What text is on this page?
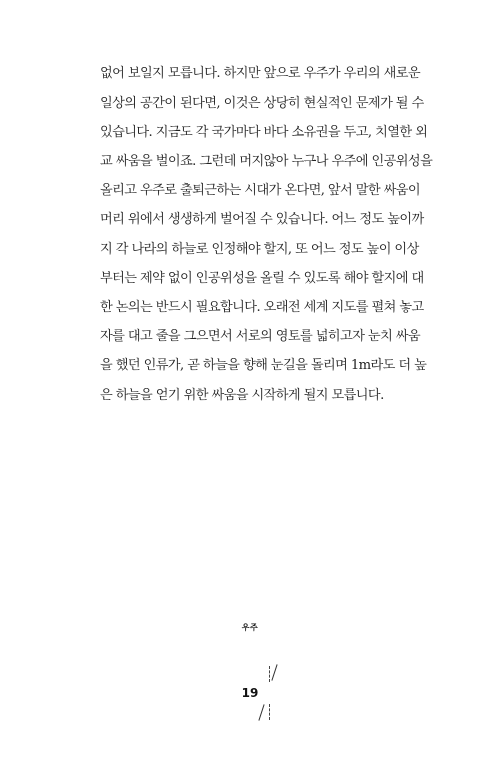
없어 보일지 모릅니다. 하지만 앞으로 우주가 우리의 새로운
일상의 공간이 된다면, 이것은 상당히 현실적인 문제가 될 수
있습니다. 지금도 각 국가마다 바다 소유권을 두고, 치열한 외
교 싸움을 벌이죠. 그런데 머지않아 누구나 우주에 인공위성을
올리고 우주로 출퇴근하는 시대가 온다면, 앞서 말한 싸움이
머리 위에서 생생하게 벌어질 수 있습니다. 어느 정도 높이까
지 각 나라의 하늘로 인정해야 할지, 또 어느 정도 높이 이상
부터는 제약 없이 인공위성을 올릴 수 있도록 해야 할지에 대
한 논의는 반드시 필요합니다. 오래전 세계 지도를 펼쳐 놓고
자를 대고 줄을 그으면서 서로의 영토를 넓히고자 눈치 싸움
을 했던 인류가, 곧 하늘을 향해 눈길을 돌리며 1m라도 더 높
은 하늘을 얻기 위한 싸움을 시작하게 될지 모릅니다.
우주
19
